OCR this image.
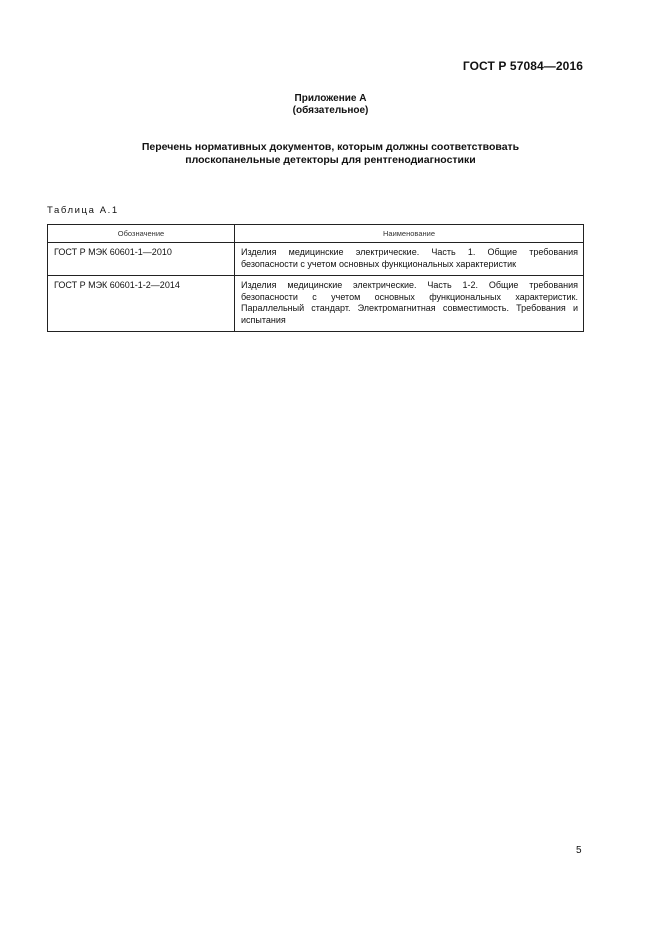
ГОСТ Р 57084—2016
Приложение А
(обязательное)
Перечень нормативных документов, которым должны соответствовать
плоскопанельные детекторы для рентгенодиагностики
Таблица А.1
Обозначение	Наименование
ГОСТ Р МЭК 60601-1—2010	Изделия медицинские электрические. Часть 1. Общие требования безопасности с учетом основных функциональных характеристик
ГОСТ Р МЭК 60601-1-2—2014	Изделия медицинские электрические. Часть 1-2. Общие требования безопасности с учетом основных функциональных характеристик. Параллельный стандарт. Электромагнитная совместимость. Требования и испытания
5
